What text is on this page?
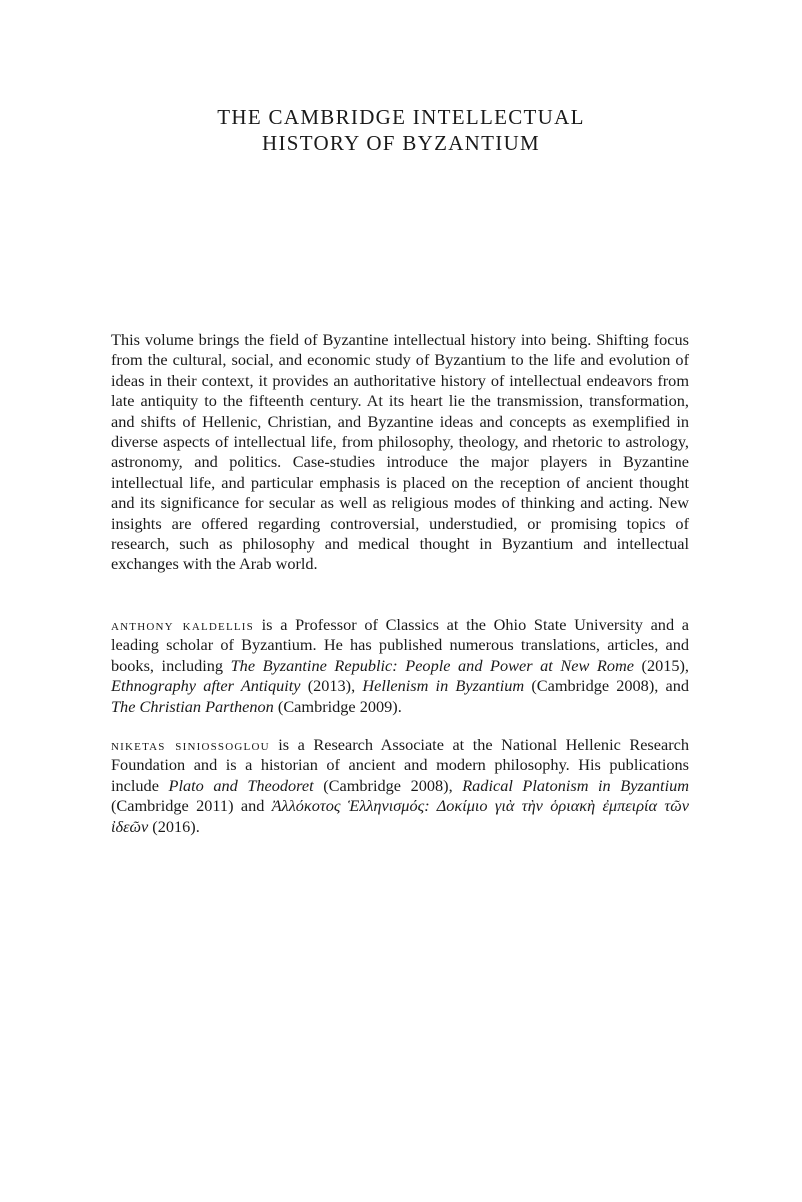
THE CAMBRIDGE INTELLECTUAL
HISTORY OF BYZANTIUM

This volume brings the field of Byzantine intellectual history into being. Shifting focus from the cultural, social, and economic study of Byzantium to the life and evolution of ideas in their context, it provides an authoritative history of intellectual endeavors from late antiquity to the fifteenth century. At its heart lie the transmission, transformation, and shifts of Hellenic, Christian, and Byzantine ideas and concepts as exemplified in diverse aspects of intellectual life, from philosophy, theology, and rhetoric to astrology, astronomy, and politics. Case-studies introduce the major players in Byzantine intellectual life, and particular emphasis is placed on the reception of ancient thought and its significance for secular as well as religious modes of thinking and acting. New insights are offered regarding controversial, understudied, or promising topics of research, such as philosophy and medical thought in Byzantium and intellectual exchanges with the Arab world.

anthony kaldellis is a Professor of Classics at the Ohio State University and a leading scholar of Byzantium. He has published numerous translations, articles, and books, including The Byzantine Republic: People and Power at New Rome (2015), Ethnography after Antiquity (2013), Hellenism in Byzantium (Cambridge 2008), and The Christian Parthenon (Cambridge 2009).

niketas siniossoglou is a Research Associate at the National Hellenic Research Foundation and is a historian of ancient and modern philosophy. His publications include Plato and Theodoret (Cambridge 2008), Radical Platonism in Byzantium (Cambridge 2011) and Ἀλλόκοτος Ἑλληνισμός: Δοκίμιο γιὰ τὴν ὁριακὴ ἐμπειρία τῶν ἰδεῶν (2016).
